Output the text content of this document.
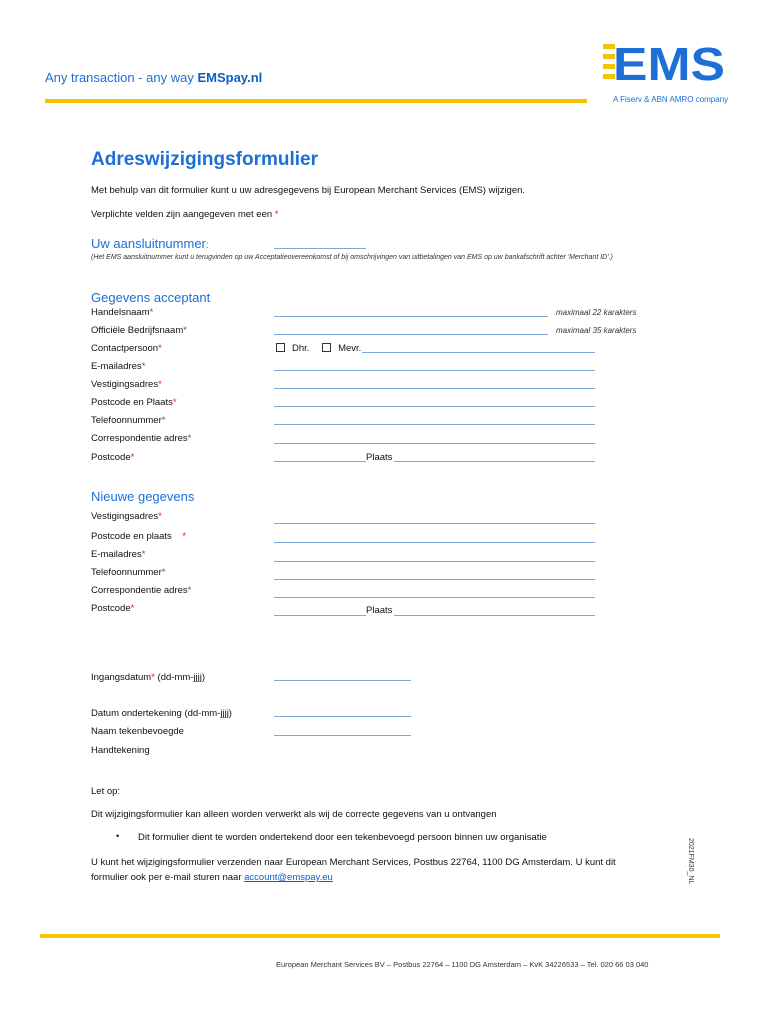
Any transaction - any way EMSpay.nl	EMS
A Fiserv & ABN AMRO company
Adreswijzigingsformulier
Met behulp van dit formulier kunt u uw adresgegevens bij European Merchant Services (EMS) wijzigen.
Verplichte velden zijn aangegeven met een *
Uw aansluitnummer:
(Het EMS aansluitnummer kunt u terugvinden op uw Acceptatieovereenkomst of bij omschrijvingen van uitbetalingen van EMS op uw bankafschrift achter 'Merchant ID'.)
Gegevens acceptant
Handelsnaam*	maximaal 22 karakters
Officiële Bedrijfsnaam*	maximaal 35 karakters
Contactpersoon*	Dhr.	Mevr.
E-mailadres*
Vestigingsadres*
Postcode en Plaats*
Telefoonnummer*
Correspondentie adres*
Postcode*	Plaats
Nieuwe gegevens
Vestigingsadres*
Postcode en plaats *
E-mailadres*
Telefoonnummer*
Correspondentie adres*
Postcode*	Plaats
Ingangsdatum* (dd-mm-jjjj)
Datum ondertekening (dd-mm-jjjj)
Naam tekenbevoegde
Handtekening
Let op:
Dit wijzigingsformulier kan alleen worden verwerkt als wij de correcte gegevens van u ontvangen
• Dit formulier dient te worden ondertekend door een tekenbevoegd persoon binnen uw organisatie
U kunt het wijzigingsformulier verzenden naar European Merchant Services, Postbus 22764, 1100 DG Amsterdam. U kunt dit
formulier ook per e-mail sturen naar account@emspay.eu	2021FM30_NL
European Merchant Services BV – Postbus 22764 – 1100 DG Amsterdam – KvK 34226533 – Tel. 020 66 03 040
